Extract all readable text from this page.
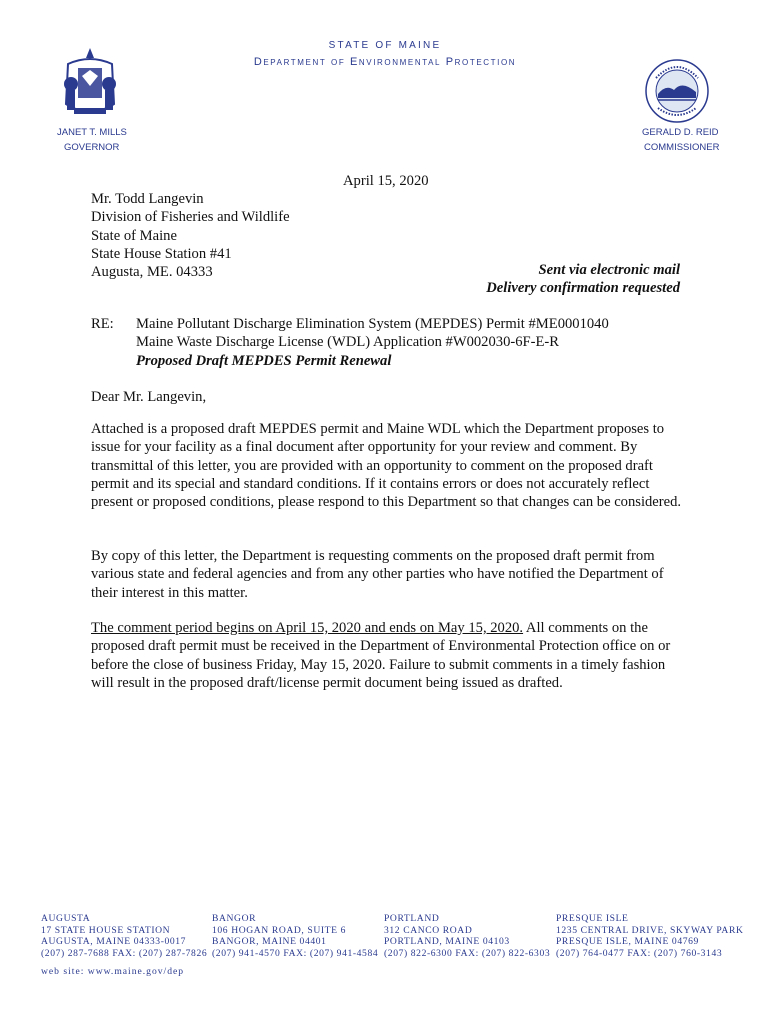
STATE OF MAINE
Department of Environmental Protection
JANET T. MILLS
GOVERNOR
GERALD D. REID
COMMISSIONER
April 15, 2020
Mr. Todd Langevin
Division of Fisheries and Wildlife
State of Maine
State House Station #41
Augusta, ME. 04333	Sent via electronic mail
Delivery confirmation requested
RE: Maine Pollutant Discharge Elimination System (MEPDES) Permit #ME0001040
Maine Waste Discharge License (WDL) Application #W002030-6F-E-R
Proposed Draft MEPDES Permit Renewal
Dear Mr. Langevin,
Attached is a proposed draft MEPDES permit and Maine WDL which the Department proposes to issue for your facility as a final document after opportunity for your review and comment. By transmittal of this letter, you are provided with an opportunity to comment on the proposed draft permit and its special and standard conditions. If it contains errors or does not accurately reflect present or proposed conditions, please respond to this Department so that changes can be considered.
By copy of this letter, the Department is requesting comments on the proposed draft permit from various state and federal agencies and from any other parties who have notified the Department of their interest in this matter.
The comment period begins on April 15, 2020 and ends on May 15, 2020. All comments on the proposed draft permit must be received in the Department of Environmental Protection office on or before the close of business Friday, May 15, 2020. Failure to submit comments in a timely fashion will result in the proposed draft/license permit document being issued as drafted.
AUGUSTA
17 STATE HOUSE STATION
AUGUSTA, MAINE 04333-0017
(207) 287-7688 FAX: (207) 287-7826
BANGOR
106 HOGAN ROAD, SUITE 6
BANGOR, MAINE 04401
(207) 941-4570 FAX: (207) 941-4584
PORTLAND
312 CANCO ROAD
PORTLAND, MAINE 04103
(207) 822-6300 FAX: (207) 822-6303
PRESQUE ISLE
1235 CENTRAL DRIVE, SKYWAY PARK
PRESQUE ISLE, MAINE 04769
(207) 764-0477 FAX: (207) 760-3143
web site: www.maine.gov/dep
